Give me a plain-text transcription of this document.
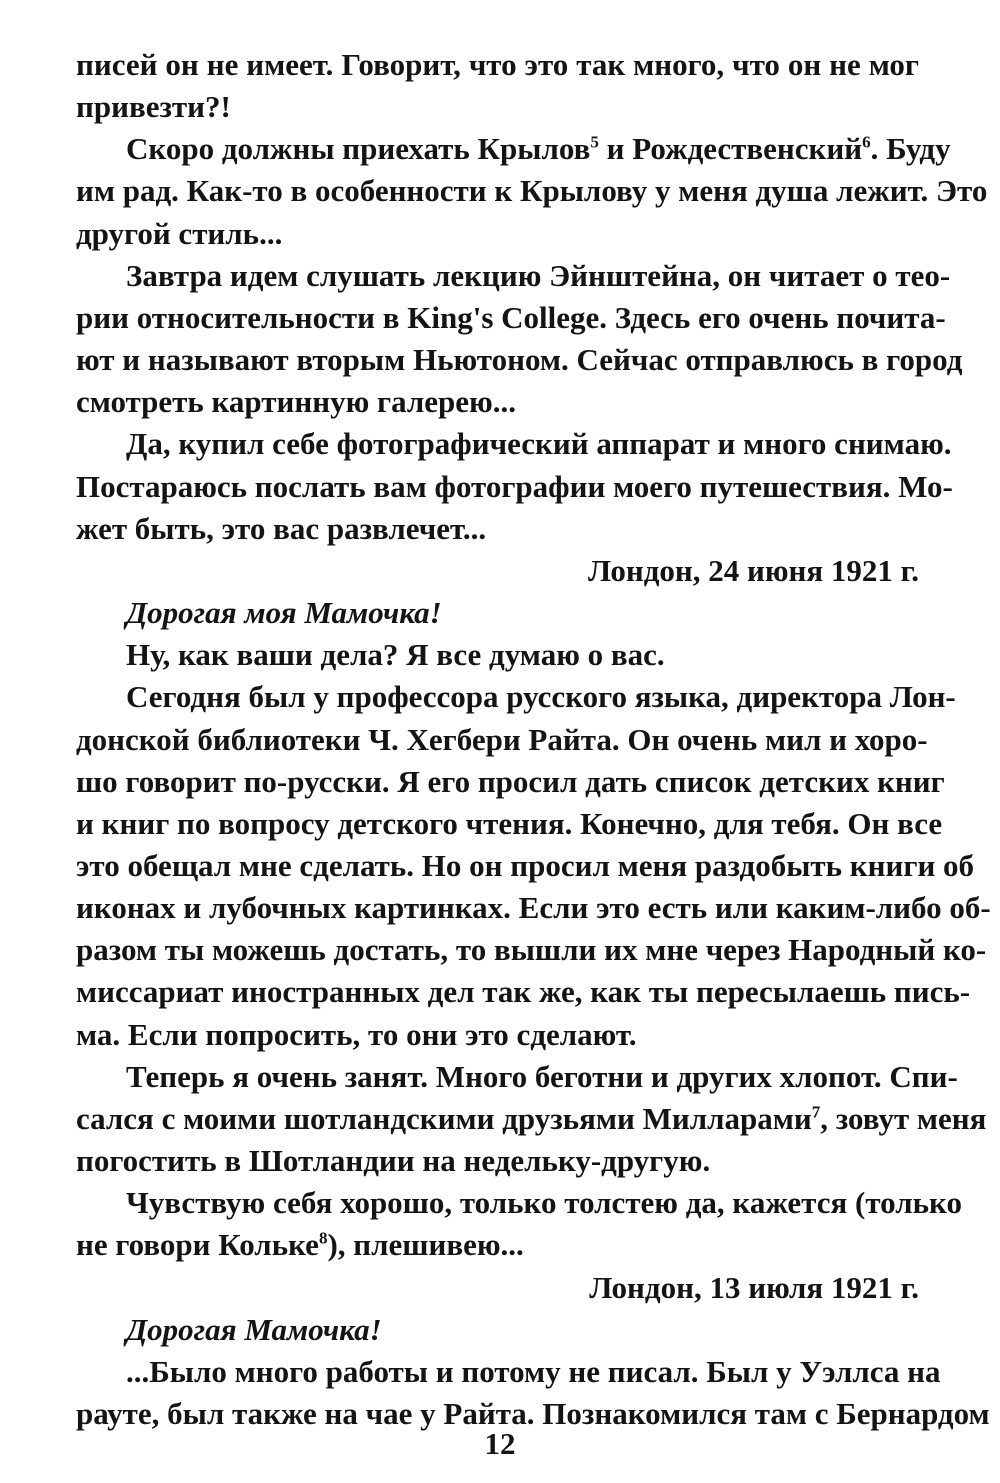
писей он не имеет. Говорит, что это так много, что он не мог
привезти?!
Скоро должны приехать Крылов$^5$ и Рождественский$^6$. Буду
им рад. Как-то в особенности к Крылову у меня душа лежит. Это
другой стиль...
Завтра идем слушать лекцию Эйнштейна, он читает о тео-
рии относительности в King's College. Здесь его очень почита-
ют и называют вторым Ньютоном. Сейчас отправлюсь в город
смотреть картинную галерею...
Да, купил себе фотографический аппарат и много снимаю.
Постараюсь послать вам фотографии моего путешествия. Мо-
жет быть, это вас развлечет...
Лондон, 24 июня 1921 г.
Дорогая моя Мамочка!
Ну, как ваши дела? Я все думаю о вас.
Сегодня был у профессора русского языка, директора Лон-
донской библиотеки Ч. Хегбери Райта. Он очень мил и хоро-
шо говорит по-русски. Я его просил дать список детских книг
и книг по вопросу детского чтения. Конечно, для тебя. Он все
это обещал мне сделать. Но он просил меня раздобыть книги об
иконах и лубочных картинках. Если это есть или каким-либо об-
разом ты можешь достать, то вышли их мне через Народный ко-
миссариат иностранных дел так же, как ты пересылаешь пись-
ма. Если попросить, то они это сделают.
Теперь я очень занят. Много беготни и других хлопот. Спи-
сался с моими шотландскими друзьями Милларами$^7$, зовут меня
погостить в Шотландии на недельку-другую.
Чувствую себя хорошо, только толстею да, кажется (только
не говори Кольке$^8$), плешивею...
Лондон, 13 июля 1921 г.
Дорогая Мамочка!
...Было много работы и потому не писал. Был у Уэллса на
рауте, был также на чае у Райта. Познакомился там с Бернардом
12
